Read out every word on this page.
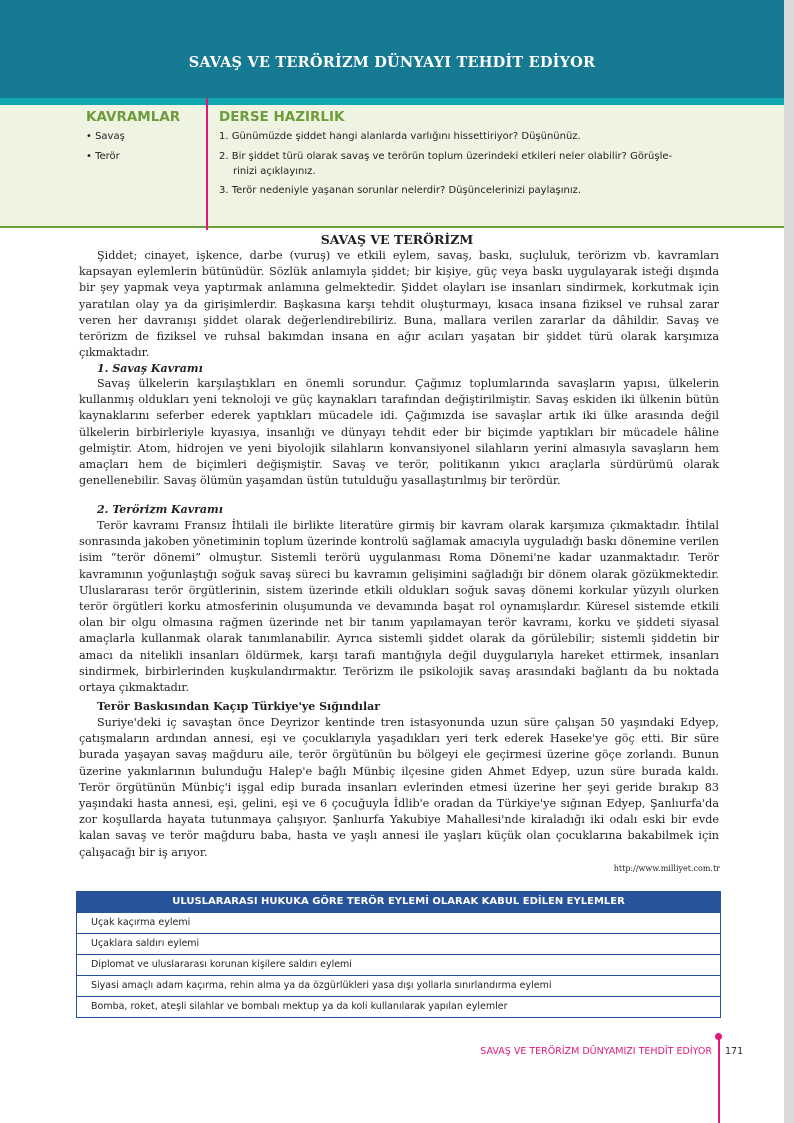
SAVAŞ VE TERÖRİZM DÜNYAYI TEHDİT EDİYOR
KAVRAMLAR
• Savaş
• Terör
DERSE HAZIRLIK
1. Günümüzde şiddet hangi alanlarda varlığını hissettiriyor? Düşününüz.
2. Bir şiddet türü olarak savaş ve terörün toplum üzerindeki etkileri neler olabilir? Görüşle-
rinizi açıklayınız.
3. Terör nedeniyle yaşanan sorunlar nelerdir? Düşüncelerinizi paylaşınız.
SAVAŞ VE TERÖRİZM

Şiddet; cinayet, işkence, darbe (vuruş) ve etkili eylem, savaş, baskı, suçluluk, terörizm vb. kavramları kapsayan eylemlerin bütünüdür. Sözlük anlamıyla şiddet; bir kişiye, güç veya baskı uygulayarak isteği dışında bir şey yapmak veya yaptırmak anlamına gelmektedir. Şiddet olayları ise insanları sindirmek, korkutmak için yaratılan olay ya da girişimlerdir. Başkasına karşı tehdit oluşturmayı, kısaca insana fiziksel ve ruhsal zarar veren her davranışı şiddet olarak değerlendirebiliriz. Buna, mallara verilen zararlar da dâhildir. Savaş ve terörizm de fiziksel ve ruhsal bakımdan insana en ağır acıları yaşatan bir şiddet türü olarak karşımıza çıkmaktadır.

1. Savaş Kavramı

Savaş ülkelerin karşılaştıkları en önemli sorundur. Çağımız toplumlarında savaşların yapısı, ülkelerin kullanmış oldukları yeni teknoloji ve güç kaynakları tarafından değiştirilmiştir. Savaş eskiden iki ülkenin bütün kaynaklarını seferber ederek yaptıkları mücadele idi. Çağımızda ise savaşlar artık iki ülke arasında değil ülkelerin birbirleriyle kıyasıya, insanlığı ve dünyayı tehdit eder bir biçimde yaptıkları bir mücadele hâline gelmiştir. Atom, hidrojen ve yeni biyolojik silahların konvansiyonel silahların yerini almasıyla savaşların hem amaçları hem de biçimleri değişmiştir. Savaş ve terör, politikanın yıkıcı araçlarla sürdürümü olarak genellenebilir. Savaş ölümün yaşamdan üstün tutulduğu yasallaştırılmış bir terördür.

2. Terörizm Kavramı

Terör kavramı Fransız İhtilali ile birlikte literatüre girmiş bir kavram olarak karşımıza çıkmaktadır. İhtilal sonrasında jakoben yönetiminin toplum üzerinde kontrolü sağlamak amacıyla uyguladığı baskı dönemine verilen isim “terör dönemi” olmuştur. Sistemli terörü uygulanması Roma Dönemi'ne kadar uzanmaktadır. Terör kavramının yoğunlaştığı soğuk savaş süreci bu kavramın gelişimini sağladığı bir dönem olarak gözükmektedir. Uluslararası terör örgütlerinin, sistem üzerinde etkili oldukları soğuk savaş dönemi korkular yüzyılı olurken terör örgütleri korku atmosferinin oluşumunda ve devamında başat rol oynamışlardır. Küresel sistemde etkili olan bir olgu olmasına rağmen üzerinde net bir tanım yapılamayan terör kavramı, korku ve şiddeti siyasal amaçlarla kullanmak olarak tanımlanabilir. Ayrıca sistemli şiddet olarak da görülebilir; sistemli şiddetin bir amacı da nitelikli insanları öldürmek, karşı tarafı mantığıyla değil duygularıyla hareket ettirmek, insanları sindirmek, birbirlerinden kuşkulandırmaktır. Terörizm ile psikolojik savaş arasındaki bağlantı da bu noktada ortaya çıkmaktadır.

Terör Baskısından Kaçıp Türkiye'ye Sığındılar

Suriye'deki iç savaştan önce Deyrizor kentinde tren istasyonunda uzun süre çalışan 50 yaşındaki Edyep, çatışmaların ardından annesi, eşi ve çocuklarıyla yaşadıkları yeri terk ederek Haseke'ye göç etti. Bir süre burada yaşayan savaş mağduru aile, terör örgütünün bu bölgeyi ele geçirmesi üzerine göçe zorlandı. Bunun üzerine yakınlarının bulunduğu Halep'e bağlı Münbiç ilçesine giden Ahmet Edyep, uzun süre burada kaldı. Terör örgütünün Münbiç'i işgal edip burada insanları evlerinden etmesi üzerine her şeyi geride bırakıp 83 yaşındaki hasta annesi, eşi, gelini, eşi ve 6 çocuğuyla İdlib'e oradan da Türkiye'ye sığınan Edyep, Şanlıurfa'da zor koşullarda hayata tutunmaya çalışıyor. Şanlıurfa Yakubiye Mahallesi'nde kiraladığı iki odalı eski bir evde kalan savaş ve terör mağduru baba, hasta ve yaşlı annesi ile yaşları küçük olan çocuklarına bakabilmek için çalışacağı bir iş arıyor.

http://www.milliyet.com.tr
ULUSLARARASI HUKUKA GÖRE TERÖR EYLEMİ OLARAK KABUL EDİLEN EYLEMLER
Uçak kaçırma eylemi
Uçaklara saldırı eylemi
Diplomat ve uluslararası korunan kişilere saldırı eylemi
Siyasi amaçlı adam kaçırma, rehin alma ya da özgürlükleri yasa dışı yollarla sınırlandırma eylemi
Bomba, roket, ateşli silahlar ve bombalı mektup ya da koli kullanılarak yapılan eylemler
SAVAŞ VE TERÖRİZM DÜNYAMIZI TEHDİT EDİYOR 171
